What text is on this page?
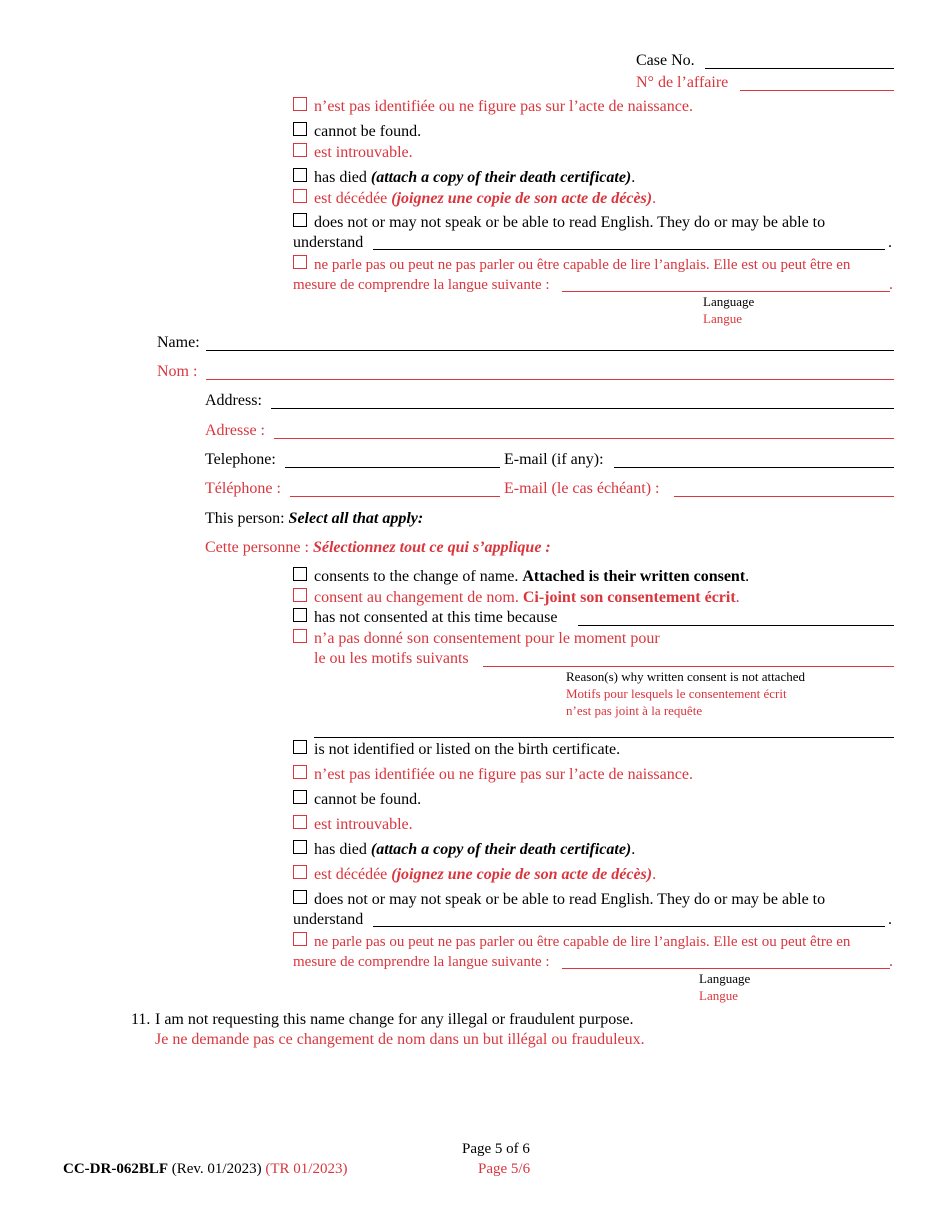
Case No.
N° de l’affaire
n’est pas identifiée ou ne figure pas sur l’acte de naissance.
cannot be found.
est introuvable.
has died (attach a copy of their death certificate).
est décédée (joignez une copie de son acte de décès).
does not or may not speak or be able to read English. They do or may be able to
understand	.
ne parle pas ou peut ne pas parler ou être capable de lire l’anglais. Elle est ou peut être en
mesure de comprendre la langue suivante :	.
Language
Langue
Name:
Nom :
Address:
Adresse :
Telephone:	E-mail (if any):
Téléphone :	E-mail (le cas échéant) :
This person: Select all that apply:
Cette personne : Sélectionnez tout ce qui s’applique :
consents to the change of name. Attached is their written consent.
consent au changement de nom. Ci-joint son consentement écrit.
has not consented at this time because
n’a pas donné son consentement pour le moment pour
le ou les motifs suivants
Reason(s) why written consent is not attached
Motifs pour lesquels le consentement écrit
n’est pas joint à la requête
is not identified or listed on the birth certificate.
n’est pas identifiée ou ne figure pas sur l’acte de naissance.
cannot be found.
est introuvable.
has died (attach a copy of their death certificate).
est décédée (joignez une copie de son acte de décès).
does not or may not speak or be able to read English. They do or may be able to
understand	.
ne parle pas ou peut ne pas parler ou être capable de lire l’anglais. Elle est ou peut être en
mesure de comprendre la langue suivante :	.
Language
Langue
11. I am not requesting this name change for any illegal or fraudulent purpose.
Je ne demande pas ce changement de nom dans un but illégal ou frauduleux.
Page 5 of 6
Page 5/6
CC-DR-062BLF (Rev. 01/2023) (TR 01/2023)
